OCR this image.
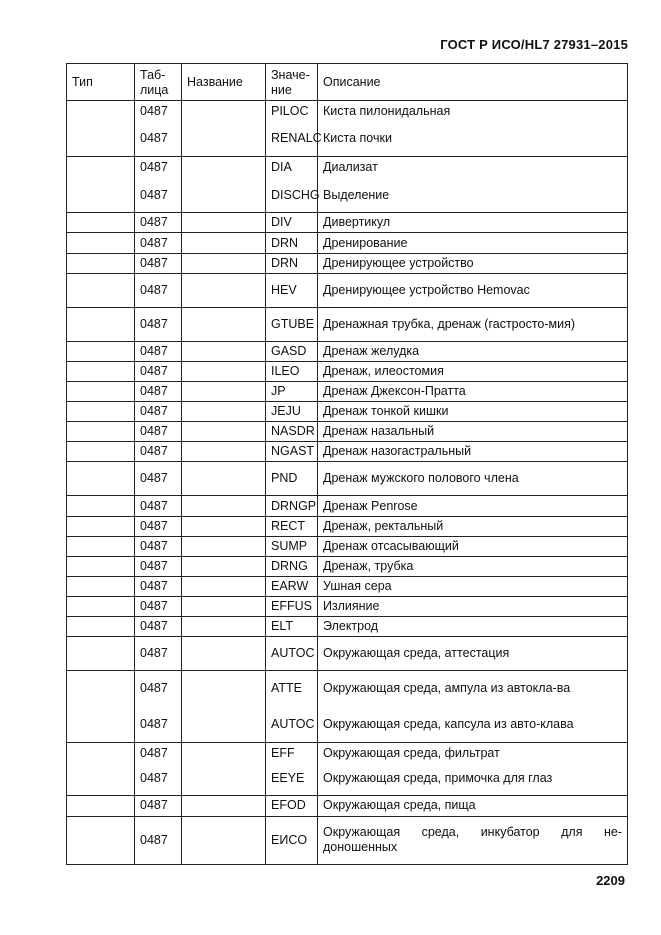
ГОСТ Р ИСО/HL7 27931–2015
Тип	Таб-лица	Название	Значе-ние	Описание
	0487		PILOC	Киста пилонидальная
	0487		RENALC	Киста почки
	0487		DIA	Диализат
	0487		DISCHG	Выделение
	0487		DIV	Дивертикул
	0487		DRN	Дренирование
	0487		DRN	Дренирующее устройство
	0487		HEV	Дренирующее устройство Hemovac
	0487		GTUBE	Дренажная трубка, дренаж (гастросто-мия)
	0487		GASD	Дренаж желудка
	0487		ILEO	Дренаж, илеостомия
	0487		JP	Дренаж Джексон-Пратта
	0487		JEJU	Дренаж тонкой кишки
	0487		NASDR	Дренаж назальный
	0487		NGAST	Дренаж назогастральный
	0487		PND	Дренаж мужского полового члена
	0487		DRNGP	Дренаж Penrose
	0487		RECT	Дренаж, ректальный
	0487		SUMP	Дренаж отсасывающий
	0487		DRNG	Дренаж, трубка
	0487		EARW	Ушная сера
	0487		EFFUS	Излияние
	0487		ELT	Электрод
	0487		AUTOC	Окружающая среда, аттестация
	0487		ATTE	Окружающая среда, ампула из автокла-ва
	0487		AUTOC	Окружающая среда, капсула из авто-клава
	0487		EFF	Окружающая среда, фильтрат
	0487		EEYE	Окружающая среда, примочка для глаз
	0487		EFOD	Окружающая среда, пища
	0487		EИCO	Окружающая среда, инкубатор для не-доношенных
2209
